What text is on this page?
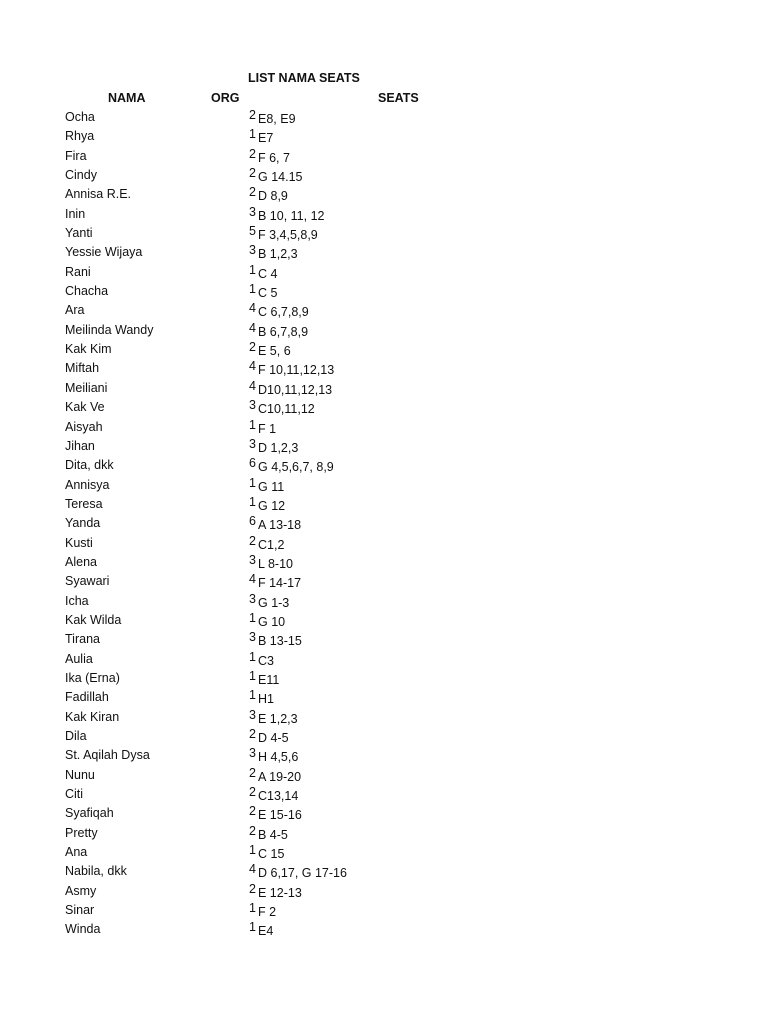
LIST NAMA SEATS
NAMA	ORG	SEATS
Ocha	2 E8, E9
Rhya	1 E7
Fira	2 F 6, 7
Cindy	2 G 14.15
Annisa R.E.	2 D 8,9
Inin	3 B 10, 11, 12
Yanti	5 F 3,4,5,8,9
Yessie Wijaya	3 B 1,2,3
Rani	1 C 4
Chacha	1 C 5
Ara	4 C 6,7,8,9
Meilinda Wandy	4 B 6,7,8,9
Kak Kim	2 E 5, 6
Miftah	4 F 10,11,12,13
Meiliani	4 D10,11,12,13
Kak Ve	3 C10,11,12
Aisyah	1 F 1
Jihan	3 D 1,2,3
Dita, dkk	6 G 4,5,6,7, 8,9
Annisya	1 G 11
Teresa	1 G 12
Yanda	6 A 13-18
Kusti	2 C1,2
Alena	3 L 8-10
Syawari	4 F 14-17
Icha	3 G 1-3
Kak Wilda	1 G 10
Tirana	3 B 13-15
Aulia	1 C3
Ika (Erna)	1 E11
Fadillah	1 H1
Kak Kiran	3 E 1,2,3
Dila	2 D 4-5
St. Aqilah Dysa	3 H 4,5,6
Nunu	2 A 19-20
Citi	2 C13,14
Syafiqah	2 E 15-16
Pretty	2 B 4-5
Ana	1 C 15
Nabila, dkk	4 D 6,17, G 17-16
Asmy	2 E 12-13
Sinar	1 F 2
Winda	1 E4
